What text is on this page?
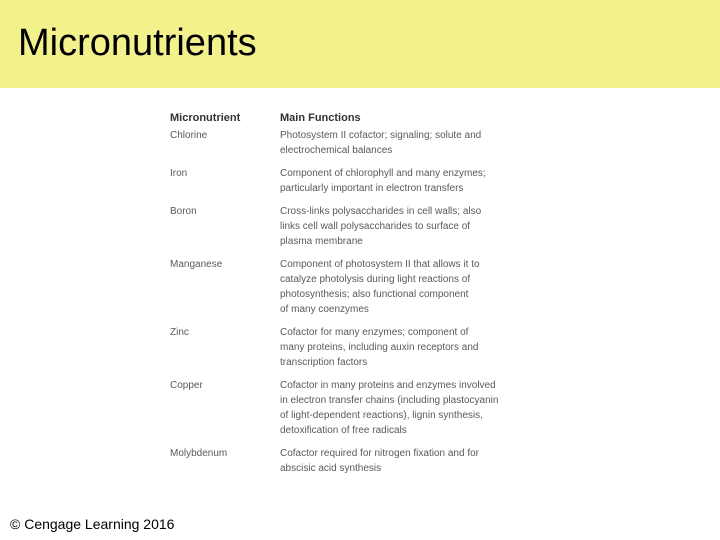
Micronutrients
Micronutrient	Main Functions
Chlorine	Photosystem II cofactor; signaling; solute and
electrochemical balances
Iron	Component of chlorophyll and many enzymes;
particularly important in electron transfers
Boron	Cross-links polysaccharides in cell walls; also
links cell wall polysaccharides to surface of
plasma membrane
Manganese	Component of photosystem II that allows it to
catalyze photolysis during light reactions of
photosynthesis; also functional component
of many coenzymes
Zinc	Cofactor for many enzymes; component of
many proteins, including auxin receptors and
transcription factors
Copper	Cofactor in many proteins and enzymes involved
in electron transfer chains (including plastocyanin
of light-dependent reactions), lignin synthesis,
detoxification of free radicals
Molybdenum	Cofactor required for nitrogen fixation and for
abscisic acid synthesis
© Cengage Learning 2016
